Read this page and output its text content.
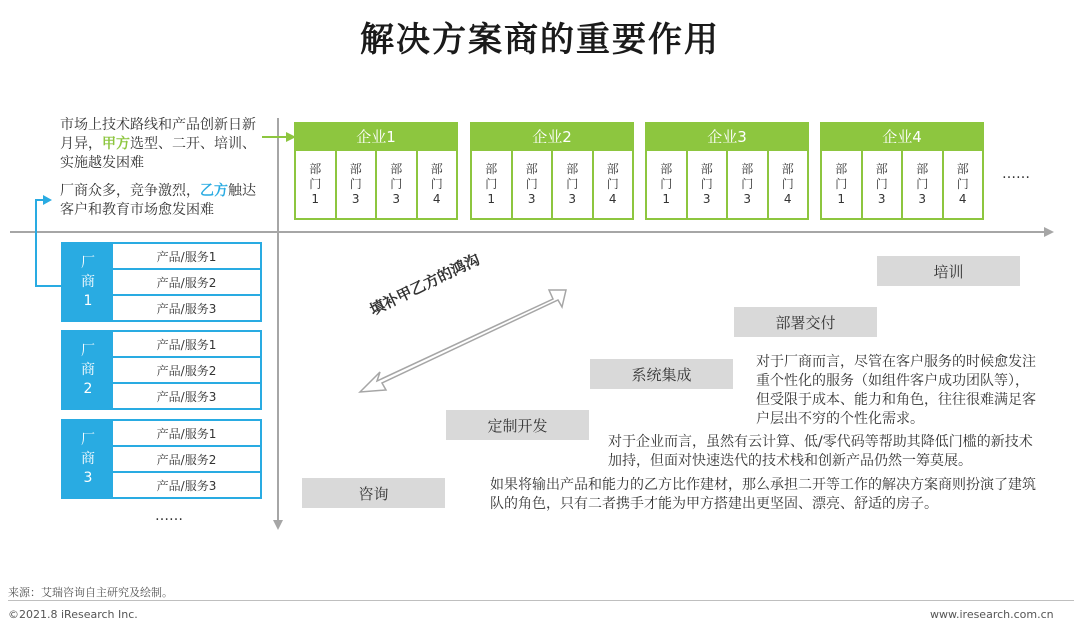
解决方案商的重要作用
市场上技术路线和产品创新日新月异，甲方选型、二开、培训、实施越发困难
厂商众多，竞争激烈，乙方触达客户和教育市场愈发困难
企业1
部
门
1
部
门
3
部
门
3
部
门
4
企业2
部
门
1
部
门
3
部
门
3
部
门
4
企业3
部
门
1
部
门
3
部
门
3
部
门
4
企业4
部
门
1
部
门
3
部
门
3
部
门
4
……
厂
商
1
产品/服务1
产品/服务2
产品/服务3
厂
商
2
产品/服务1
产品/服务2
产品/服务3
厂
商
3
产品/服务1
产品/服务2
产品/服务3
……
填补甲乙方的鸿沟
咨询
定制开发
系统集成
部署交付
培训
对于厂商而言，尽管在客户服务的时候愈发注重个性化的服务（如组件客户成功团队等），但受限于成本、能力和角色，往往很难满足客户层出不穷的个性化需求。
对于企业而言，虽然有云计算、低/零代码等帮助其降低门槛的新技术加持，但面对快速迭代的技术栈和创新产品仍然一筹莫展。
如果将输出产品和能力的乙方比作建材，那么承担二开等工作的解决方案商则扮演了建筑队的角色，只有二者携手才能为甲方搭建出更坚固、漂亮、舒适的房子。
来源：艾瑞咨询自主研究及绘制。
©2021.8 iResearch Inc.	www.iresearch.com.cn
